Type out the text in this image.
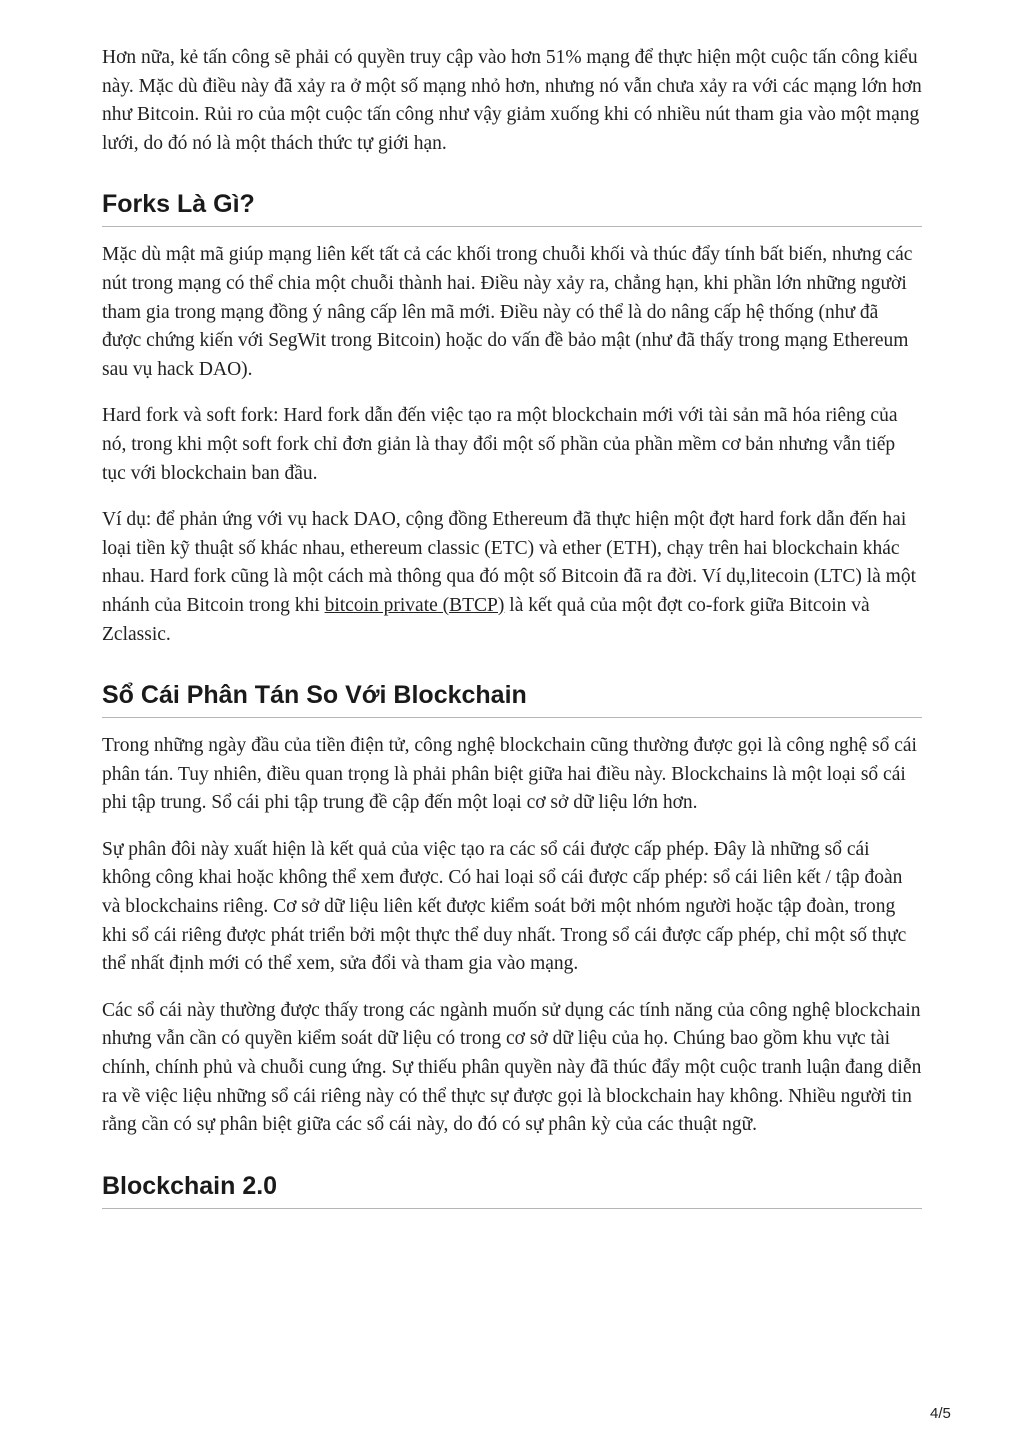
Hơn nữa, kẻ tấn công sẽ phải có quyền truy cập vào hơn 51% mạng để thực hiện một cuộc tấn công kiểu này. Mặc dù điều này đã xảy ra ở một số mạng nhỏ hơn, nhưng nó vẫn chưa xảy ra với các mạng lớn hơn như Bitcoin. Rủi ro của một cuộc tấn công như vậy giảm xuống khi có nhiều nút tham gia vào một mạng lưới, do đó nó là một thách thức tự giới hạn.

Forks Là Gì?

Mặc dù mật mã giúp mạng liên kết tất cả các khối trong chuỗi khối và thúc đẩy tính bất biến, nhưng các nút trong mạng có thể chia một chuỗi thành hai. Điều này xảy ra, chẳng hạn, khi phần lớn những người tham gia trong mạng đồng ý nâng cấp lên mã mới. Điều này có thể là do nâng cấp hệ thống (như đã được chứng kiến với SegWit trong Bitcoin) hoặc do vấn đề bảo mật (như đã thấy trong mạng Ethereum sau vụ hack DAO).

Hard fork và soft fork: Hard fork dẫn đến việc tạo ra một blockchain mới với tài sản mã hóa riêng của nó, trong khi một soft fork chỉ đơn giản là thay đổi một số phần của phần mềm cơ bản nhưng vẫn tiếp tục với blockchain ban đầu.

Ví dụ: để phản ứng với vụ hack DAO, cộng đồng Ethereum đã thực hiện một đợt hard fork dẫn đến hai loại tiền kỹ thuật số khác nhau, ethereum classic (ETC) và ether (ETH), chạy trên hai blockchain khác nhau. Hard fork cũng là một cách mà thông qua đó một số Bitcoin đã ra đời. Ví dụ,litecoin (LTC) là một nhánh của Bitcoin trong khi bitcoin private (BTCP) là kết quả của một đợt co-fork giữa Bitcoin và Zclassic.

Sổ Cái Phân Tán So Với Blockchain

Trong những ngày đầu của tiền điện tử, công nghệ blockchain cũng thường được gọi là công nghệ sổ cái phân tán. Tuy nhiên, điều quan trọng là phải phân biệt giữa hai điều này. Blockchains là một loại sổ cái phi tập trung. Sổ cái phi tập trung đề cập đến một loại cơ sở dữ liệu lớn hơn.

Sự phân đôi này xuất hiện là kết quả của việc tạo ra các sổ cái được cấp phép. Đây là những sổ cái không công khai hoặc không thể xem được. Có hai loại sổ cái được cấp phép: sổ cái liên kết / tập đoàn và blockchains riêng. Cơ sở dữ liệu liên kết được kiểm soát bởi một nhóm người hoặc tập đoàn, trong khi sổ cái riêng được phát triển bởi một thực thể duy nhất. Trong sổ cái được cấp phép, chỉ một số thực thể nhất định mới có thể xem, sửa đổi và tham gia vào mạng.

Các sổ cái này thường được thấy trong các ngành muốn sử dụng các tính năng của công nghệ blockchain nhưng vẫn cần có quyền kiểm soát dữ liệu có trong cơ sở dữ liệu của họ. Chúng bao gồm khu vực tài chính, chính phủ và chuỗi cung ứng. Sự thiếu phân quyền này đã thúc đẩy một cuộc tranh luận đang diễn ra về việc liệu những sổ cái riêng này có thể thực sự được gọi là blockchain hay không. Nhiều người tin rằng cần có sự phân biệt giữa các sổ cái này, do đó có sự phân kỳ của các thuật ngữ.

Blockchain 2.0
4/5
